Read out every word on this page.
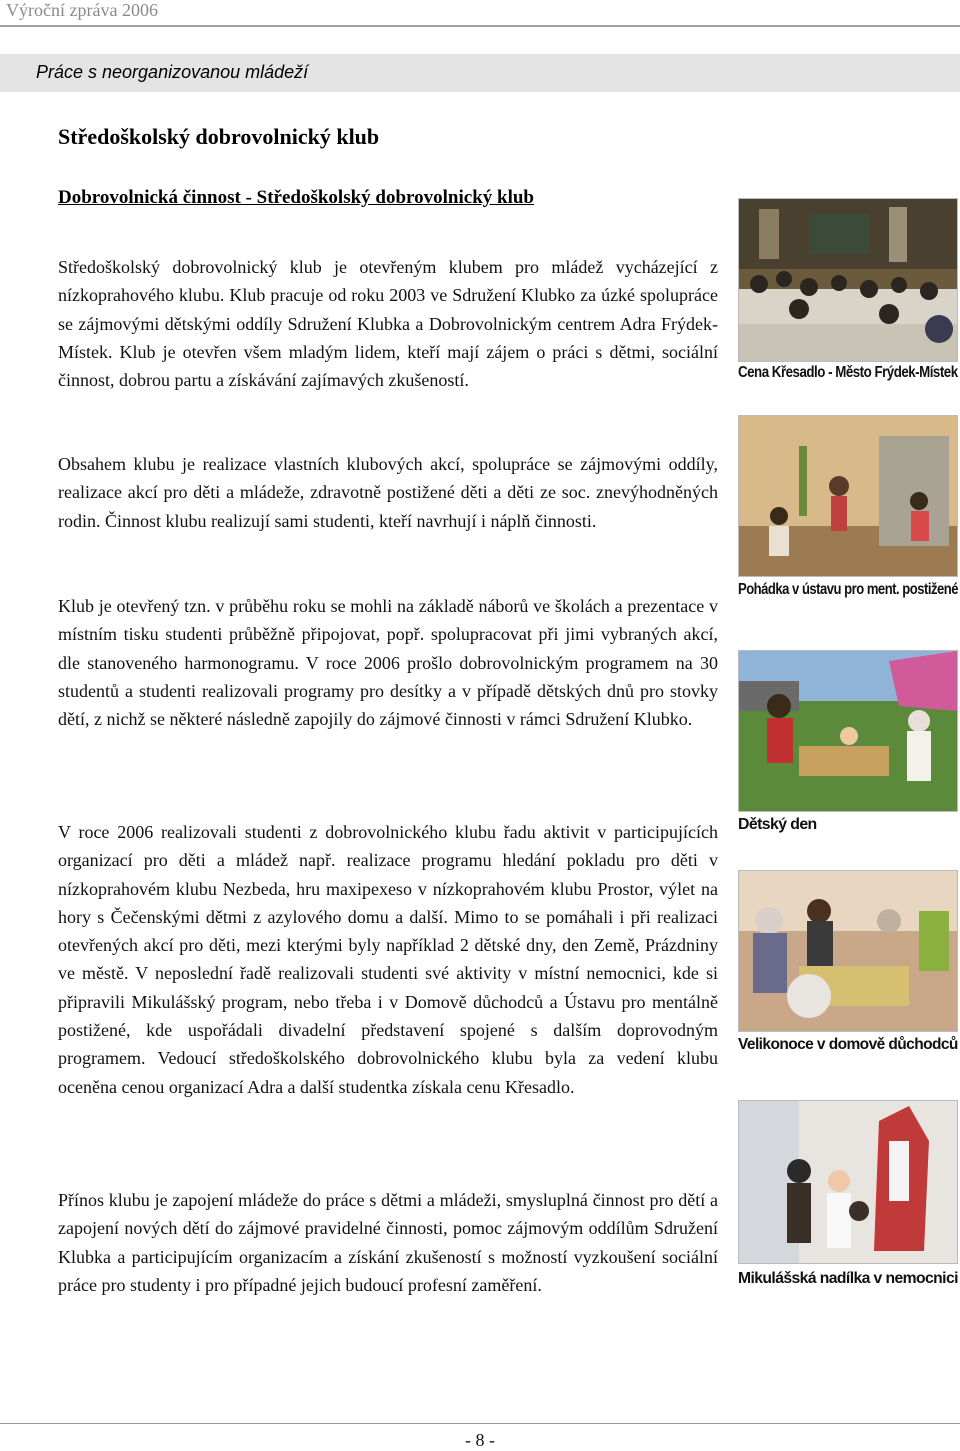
Výroční zpráva 2006
Práce s neorganizovanou mládeží
Středoškolský dobrovolnický klub
Dobrovolnická činnost - Středoškolský dobrovolnický klub

Středoškolský dobrovolnický klub je otevřeným klubem pro mládež vycházející z nízkoprahového klubu. Klub pracuje od roku 2003 ve Sdružení Klubko za úzké spolupráce se zájmovými dětskými oddíly Sdružení Klubka a Dobrovolnickým centrem Adra Frýdek-Místek. Klub je otevřen všem mladým lidem, kteří mají zájem o práci s dětmi, sociální činnost, dobrou partu a získávání zajímavých zkušeností.

Obsahem klubu je realizace vlastních klubových akcí, spolupráce se zájmovými oddíly, realizace akcí pro děti a mládeže, zdravotně postižené děti a děti ze soc. znevýhodněných rodin. Činnost klubu realizují sami studenti, kteří navrhují i náplň činnosti.

Klub je otevřený tzn. v průběhu roku se mohli na základě náborů ve školách a prezentace v místním tisku studenti průběžně připojovat, popř. spolupracovat při jimi vybraných akcí, dle stanoveného harmonogramu. V roce 2006 prošlo dobrovolnickým programem na 30 studentů a studenti realizovali programy pro desítky a v případě dětských dnů pro stovky dětí, z nichž se některé následně zapojily do zájmové činnosti v rámci Sdružení Klubko.

V roce 2006 realizovali studenti z dobrovolnického klubu řadu aktivit v participujících organizací pro děti a mládež např. realizace programu hledání pokladu pro děti v nízkoprahovém klubu Nezbeda, hru maxipexeso v nízkoprahovém klubu Prostor, výlet na hory s Čečenskými dětmi z azylového domu a další. Mimo to se pomáhali i při realizaci otevřených akcí pro děti, mezi kterými byly například 2 dětské dny, den Země, Prázdniny ve městě. V neposlední řadě realizovali studenti své aktivity v místní nemocnici, kde si připravili Mikulášský program, nebo třeba i v Domově důchodců a Ústavu pro mentálně postižené, kde uspořádali divadelní představení spojené s dalším doprovodným programem. Vedoucí středoškolského dobrovolnického klubu byla za vedení klubu oceněna cenou organizací Adra a další studentka získala cenu Křesadlo.

Přínos klubu je zapojení mládeže do práce s dětmi a mládeži, smysluplná činnost pro dětí a zapojení nových dětí do zájmové pravidelné činnosti, pomoc zájmovým oddílům Sdružení Klubka a participujícím organizacím a získání zkušeností s možností vyzkoušení sociální práce pro studenty i pro případné jejich budoucí profesní zaměření.

Cena Křesadlo - Město Frýdek-Místek
Pohádka v ústavu pro ment. postižené
Dětský den
Velikonoce v domově důchodců
Mikulášská nadílka v nemocnici
- 8 -
